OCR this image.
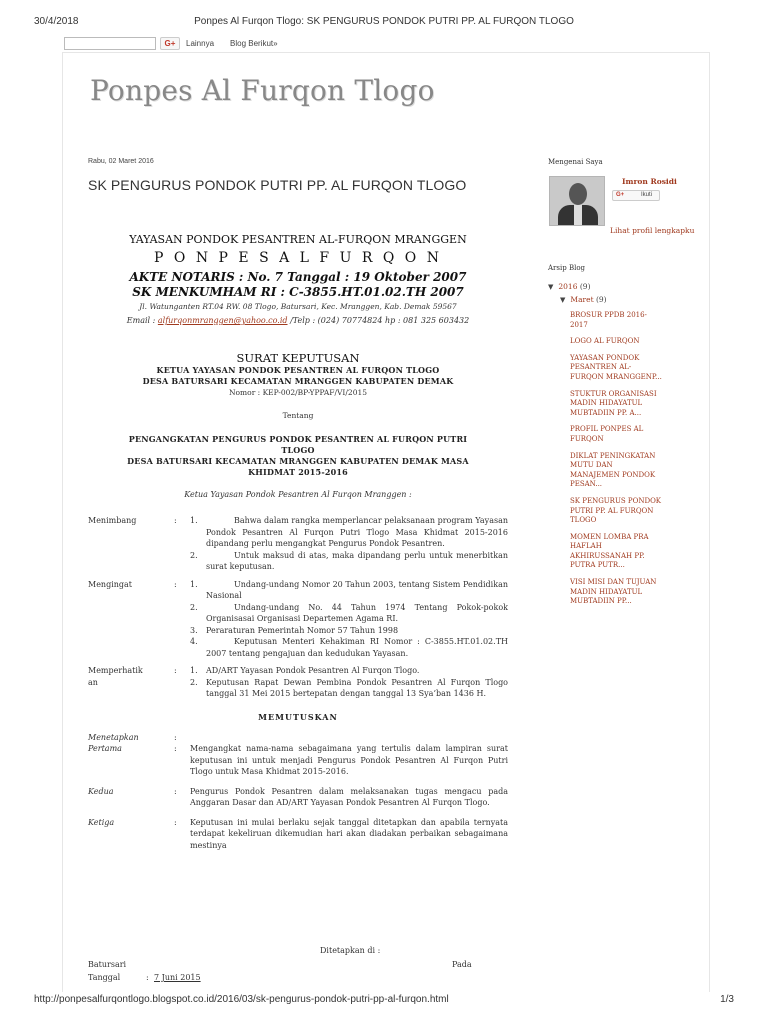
30/4/2018	Ponpes Al Furqon Tlogo: SK PENGURUS PONDOK PUTRI PP. AL FURQON TLOGO
G+	Lainnya Blog Berikut»
Ponpes Al Furqon Tlogo
Rabu, 02 Maret 2016
SK PENGURUS PONDOK PUTRI PP. AL FURQON TLOGO
YAYASAN PONDOK PESANTREN AL-FURQON MRANGGEN
P O N P E S A L F U R Q O N
AKTE NOTARIS : No. 7 Tanggal : 19 Oktober 2007
SK MENKUMHAM RI : C-3855.HT.01.02.TH 2007
Jl. Watunganten RT.04 RW. 08 Tlogo, Batursari, Kec. Mranggen, Kab. Demak 59567
Email : alfurqonmranggen@yahoo.co.id /Telp : (024) 70774824 hp : 081 325 603432
SURAT KEPUTUSAN
KETUA YAYASAN PONDOK PESANTREN AL FURQON TLOGO
DESA BATURSARI KECAMATAN MRANGGEN KABUPATEN DEMAK
Nomor : KEP-002/BP-YPPAF/VI/2015
Tentang
PENGANGKATAN PENGURUS PONDOK PESANTREN AL FURQON PUTRI
TLOGO
DESA BATURSARI KECAMATAN MRANGGEN KABUPATEN DEMAK MASA
KHIDMAT 2015-2016
Ketua Yayasan Pondok Pesantren Al Furqon Mranggen :
Menimbang	:	1.	Bahwa dalam rangka memperlancar pelaksanaan program Yayasan Pondok Pesantren Al Furqon Putri Tlogo Masa Khidmat 2015-2016 dipandang perlu mengangkat Pengurus Pondok Pesantren.
2.	Untuk maksud di atas, maka dipandang perlu untuk menerbitkan surat keputusan.
Mengingat	:	1.	Undang-undang Nomor 20 Tahun 2003, tentang Sistem Pendidikan Nasional
2.	Undang-undang No. 44 Tahun 1974 Tentang Pokok-pokok Organisasai Organisasi Departemen Agama RI.
3.	Peraraturan Pemerintah Nomor 57 Tahun 1998
4.	Keputusan Menteri Kehakiman RI Nomor : C-3855.HT.01.02.TH 2007 tentang pengajuan dan kedudukan Yayasan.
Memperhatik
an
:	1.	AD/ART Yayasan Pondok Pesantren Al Furqon Tlogo.
2.	Keputusan Rapat Dewan Pembina Pondok Pesantren Al Furqon Tlogo tanggal 31 Mei 2015 bertepatan dengan tanggal 13 Sya’ban 1436 H.
MEMUTUSKAN
Menetapkan	:
Pertama	:	Mengangkat nama-nama sebagaimana yang tertulis dalam lampiran surat keputusan ini untuk menjadi Pengurus Pondok Pesantren Al Furqon Putri Tlogo untuk Masa Khidmat 2015-2016.
Kedua	:	Pengurus Pondok Pesantren dalam melaksanakan tugas mengacu pada Anggaran Dasar dan AD/ART Yayasan Pondok Pesantren Al Furqon Tlogo.
Ketiga	:	Keputusan ini mulai berlaku sejak tanggal ditetapkan dan apabila ternyata terdapat kekeliruan dikemudian hari akan diadakan perbaikan sebagaimana mestinya
Ditetapkan di :
Batursari	Pada
Tanggal	: 7 Juni 2015
Mengenai Saya
Imron Rosidi
G+	Ikuti
Lihat profil lengkapku
Arsip Blog
▼ 2016 (9)
▼ Maret (9)
BROSUR PPDB 2016-2017
LOGO AL FURQON
YAYASAN PONDOK PESANTREN AL-FURQON MRANGGENP...
STUKTUR ORGANISASI MADIN HIDAYATUL MUBTADIIN PP. A...
PROFIL PONPES AL FURQON
DIKLAT PENINGKATAN MUTU DAN MANAJEMEN PONDOK PESAN...
SK PENGURUS PONDOK PUTRI PP. AL FURQON TLOGO
MOMEN LOMBA PRA HAFLAH AKHIRUSSANAH PP. PUTRA PUTR...
VISI MISI DAN TUJUAN MADIN HIDAYATUL MUBTADIIN PP...
http://ponpesalfurqontlogo.blogspot.co.id/2016/03/sk-pengurus-pondok-putri-pp-al-furqon.html	1/3
